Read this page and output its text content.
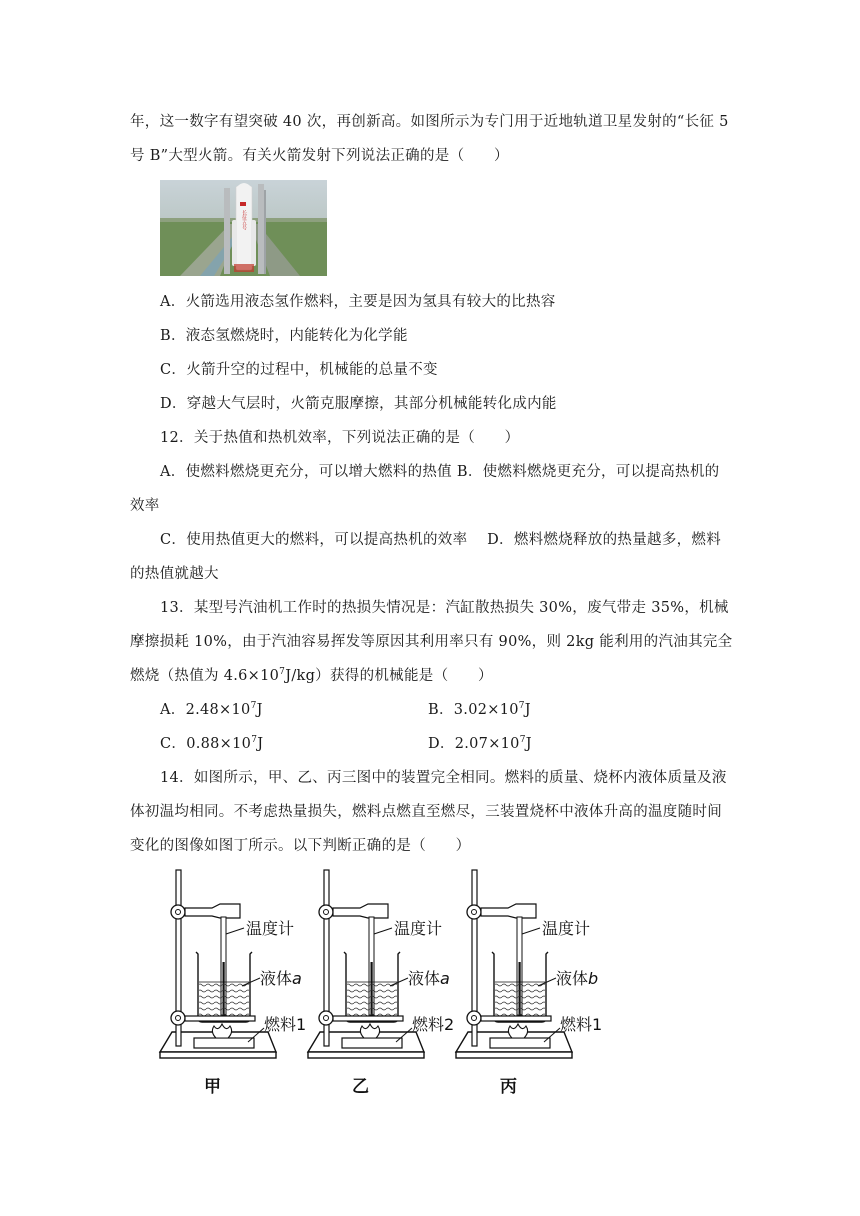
年，这一数字有望突破 40 次，再创新高。如图所示为专门用于近地轨道卫星发射的“长征 5
号 B”大型火箭。有关火箭发射下列说法正确的是（　　）
长征五号
A．火箭选用液态氢作燃料，主要是因为氢具有较大的比热容
B．液态氢燃烧时，内能转化为化学能
C．火箭升空的过程中，机械能的总量不变
D．穿越大气层时，火箭克服摩擦，其部分机械能转化成内能
12．关于热值和热机效率，下列说法正确的是（　　）
A．使燃料燃烧更充分，可以增大燃料的热值 B．使燃料燃烧更充分，可以提高热机的
效率
C．使用热值更大的燃料，可以提高热机的效率　 D．燃料燃烧释放的热量越多，燃料
的热值就越大
13．某型号汽油机工作时的热损失情况是：汽缸散热损失 30%，废气带走 35%，机械
摩擦损耗 10%，由于汽油容易挥发等原因其利用率只有 90%，则 2kg 能利用的汽油其完全
燃烧（热值为 $4.6\times 10^7J/kg$）获得的机械能是（　　）
A．$2.48\times 10^7J$	B．$3.02\times 10^7J$
C．$0.88\times 10^7J$	D．$2.07\times 10^7J$
14．如图所示，甲、乙、丙三图中的装置完全相同。燃料的质量、烧杯内液体质量及液
体初温均相同。不考虑热量损失，燃料点燃直至燃尽，三装置烧杯中液体升高的温度随时间
变化的图像如图丁所示。以下判断正确的是（　　）
温度计
液体a
燃料1
甲
温度计
液体a
燃料2
乙
温度计
液体b
燃料1
丙
